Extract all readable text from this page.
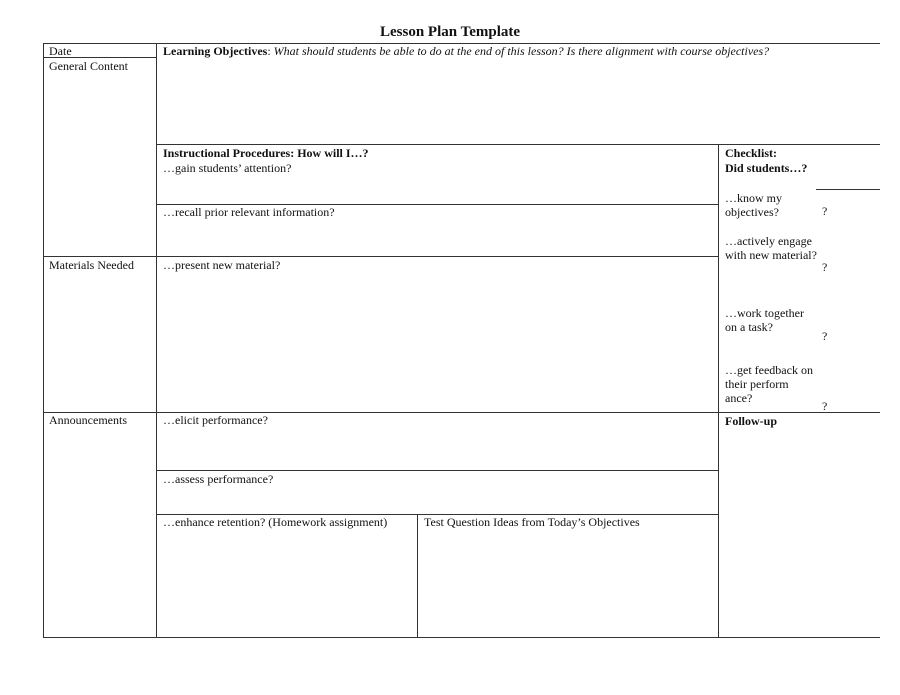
Lesson Plan Template
Date
General Content
Materials Needed
Announcements
Learning Objectives: What should students be able to do at the end of this lesson? Is there alignment with course objectives?
Instructional Procedures: How will I…?
…gain students’ attention?
…recall prior relevant information?
…present new material?
…elicit performance?
…assess performance?
…enhance retention? (Homework assignment)	Test Question Ideas from Today’s Objectives
Checklist:
Did students…?
…know my objectives?	?
…actively engage with new material?
?
…work together on a task?
?
…get feedback on their perform ance?
?
Follow-up
